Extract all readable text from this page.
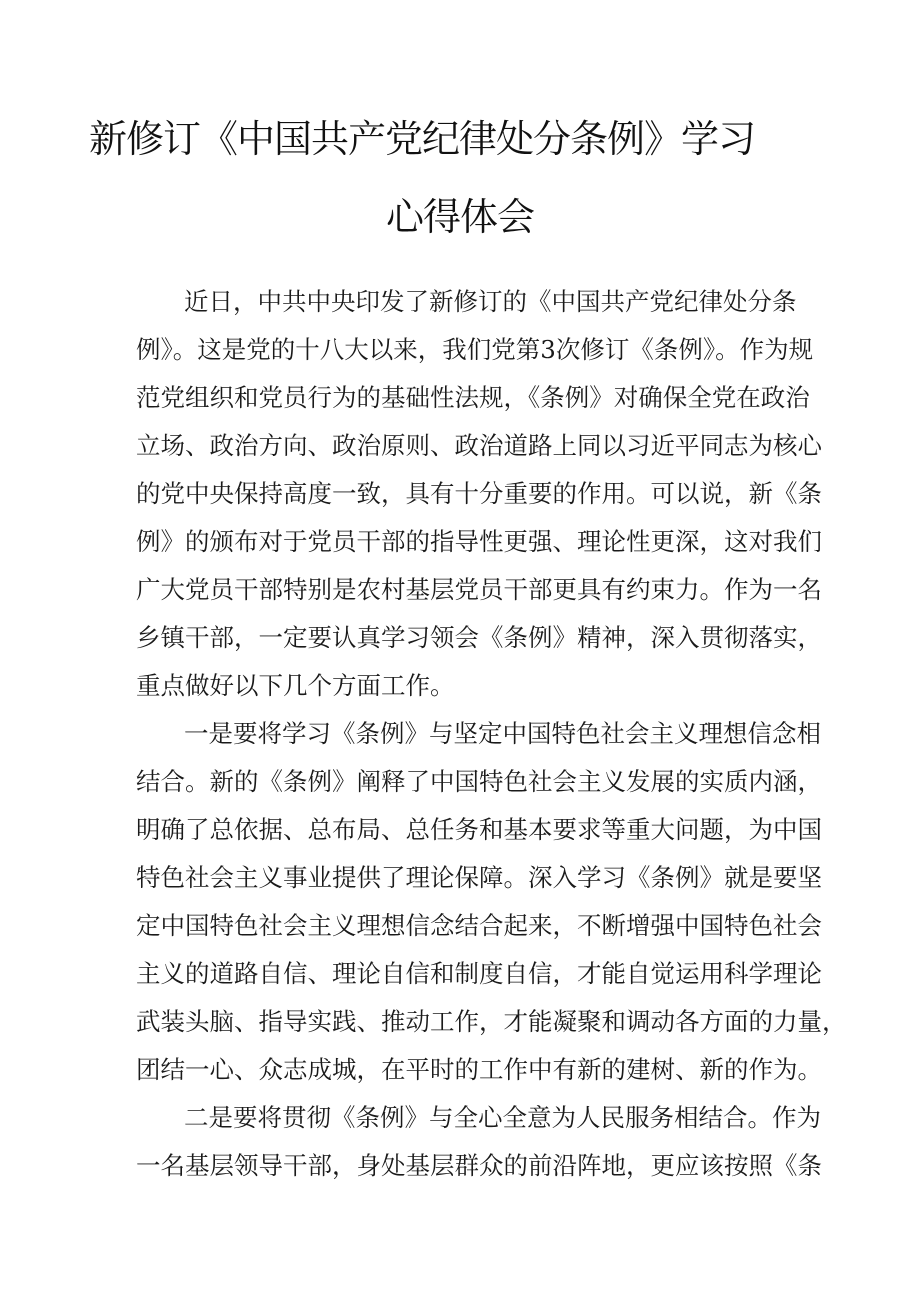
新修订《中国共产党纪律处分条例》学习
心得体会
近日，中共中央印发了新修订的《中国共产党纪律处分条
例》。这是党的十八大以来，我们党第3次修订《条例》。作为规
范党组织和党员行为的基础性法规，《条例》对确保全党在政治
立场、政治方向、政治原则、政治道路上同以习近平同志为核心
的党中央保持高度一致，具有十分重要的作用。可以说，新《条
例》的颁布对于党员干部的指导性更强、理论性更深，这对我们
广大党员干部特别是农村基层党员干部更具有约束力。作为一名
乡镇干部，一定要认真学习领会《条例》精神，深入贯彻落实，
重点做好以下几个方面工作。
一是要将学习《条例》与坚定中国特色社会主义理想信念相
结合。新的《条例》阐释了中国特色社会主义发展的实质内涵，
明确了总依据、总布局、总任务和基本要求等重大问题，为中国
特色社会主义事业提供了理论保障。深入学习《条例》就是要坚
定中国特色社会主义理想信念结合起来，不断增强中国特色社会
主义的道路自信、理论自信和制度自信，才能自觉运用科学理论
武装头脑、指导实践、推动工作，才能凝聚和调动各方面的力量，
团结一心、众志成城，在平时的工作中有新的建树、新的作为。
二是要将贯彻《条例》与全心全意为人民服务相结合。作为
一名基层领导干部，身处基层群众的前沿阵地，更应该按照《条
